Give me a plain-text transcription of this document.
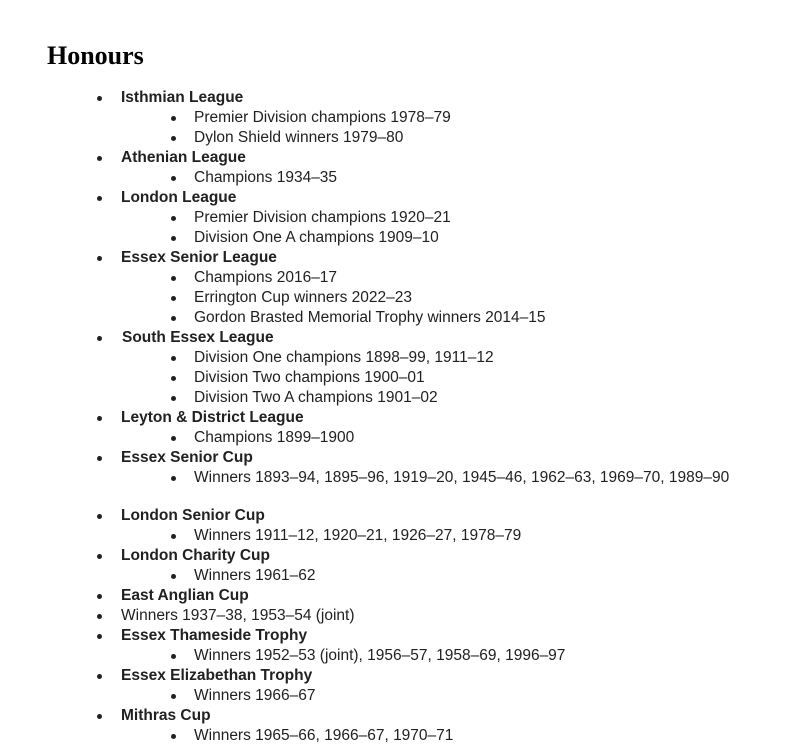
Honours
Isthmian League
Premier Division champions 1978–79
Dylon Shield winners 1979–80
Athenian League
Champions 1934–35
London League
Premier Division champions 1920–21
Division One A champions 1909–10
Essex Senior League
Champions 2016–17
Errington Cup winners 2022–23
Gordon Brasted Memorial Trophy winners 2014–15
South Essex League
Division One champions 1898–99, 1911–12
Division Two champions 1900–01
Division Two A champions 1901–02
Leyton & District League
Champions 1899–1900
Essex Senior Cup
Winners 1893–94, 1895–96, 1919–20, 1945–46, 1962–63, 1969–70, 1989–90
London Senior Cup
Winners 1911–12, 1920–21, 1926–27, 1978–79
London Charity Cup
Winners 1961–62
East Anglian Cup
Winners 1937–38, 1953–54 (joint)
Essex Thameside Trophy
Winners 1952–53 (joint), 1956–57, 1958–69, 1996–97
Essex Elizabethan Trophy
Winners 1966–67
Mithras Cup
Winners 1965–66, 1966–67, 1970–71
